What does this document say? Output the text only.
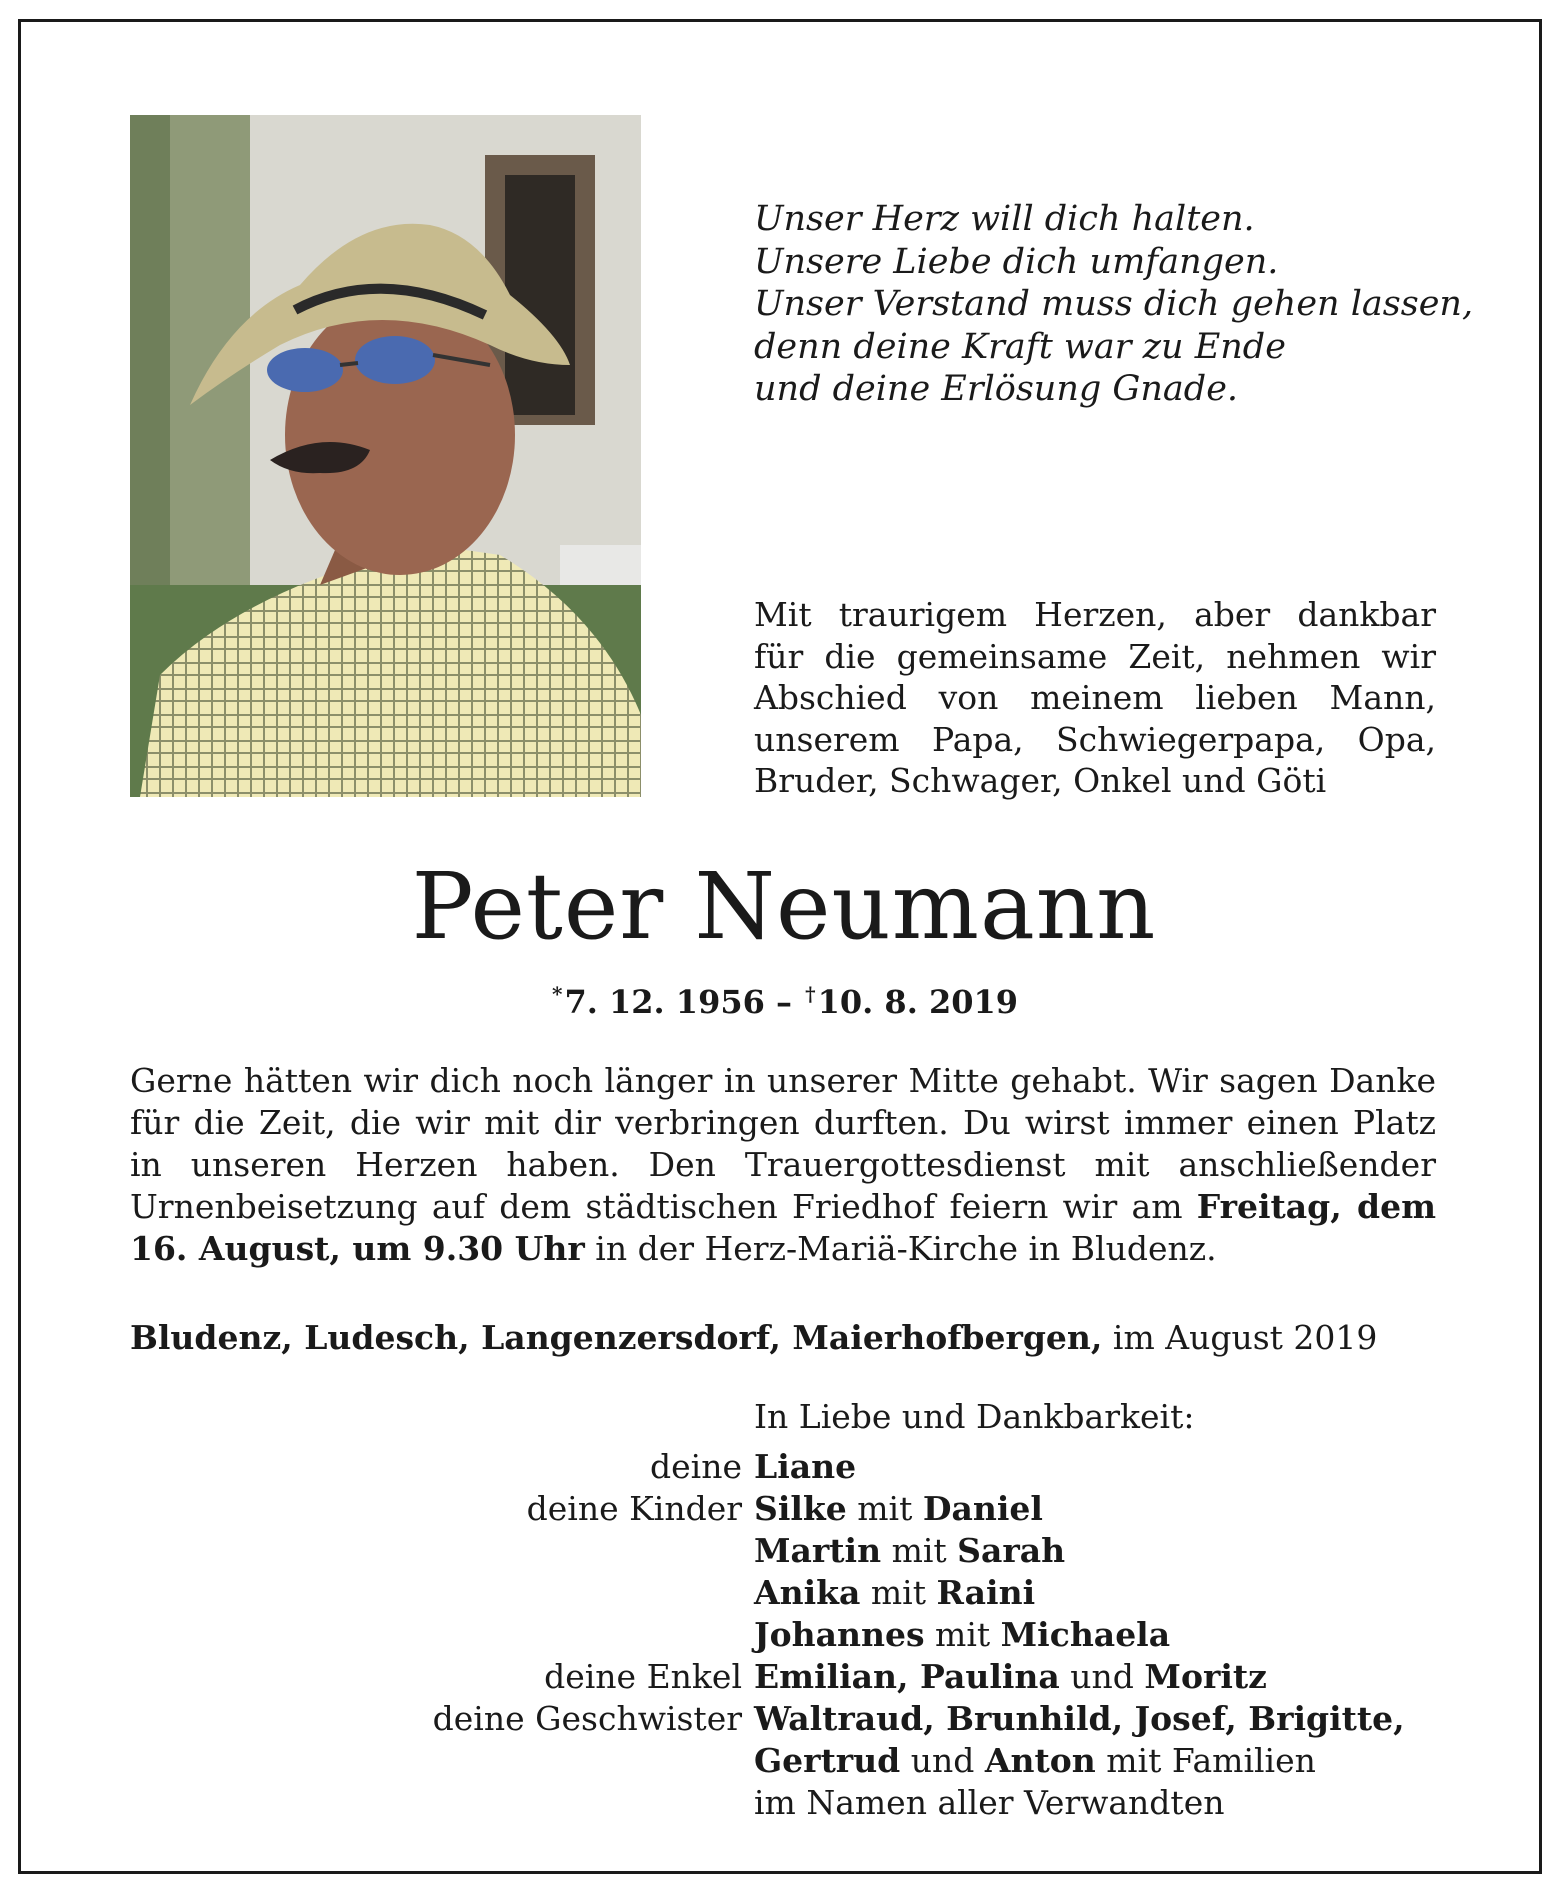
Unser Herz will dich halten.
Unsere Liebe dich umfangen.
Unser Verstand muss dich gehen lassen,
denn deine Kraft war zu Ende
und deine Erlösung Gnade.
Mit traurigem Herzen, aber dankbar
für die gemeinsame Zeit, nehmen wir
Abschied von meinem lieben Mann,
unserem Papa, Schwiegerpapa, Opa,
Bruder, Schwager, Onkel und Göti
Peter Neumann
*7. 12. 1956 – †10. 8. 2019
Gerne hätten wir dich noch länger in unserer Mitte gehabt. Wir sagen Danke
für die Zeit, die wir mit dir verbringen durften. Du wirst immer einen Platz
in unseren Herzen haben. Den Trauergottesdienst mit anschließender
Urnenbeisetzung auf dem städtischen Friedhof feiern wir am Freitag, dem
16. August, um 9.30 Uhr in der Herz-Mariä-Kirche in Bludenz.
Bludenz, Ludesch, Langenzersdorf, Maierhofbergen, im August 2019
In Liebe und Dankbarkeit:
deine
deine Kinder
deine Enkel
deine Geschwister
Liane
Silke mit Daniel
Martin mit Sarah
Anika mit Raini
Johannes mit Michaela
Emilian, Paulina und Moritz
Waltraud, Brunhild, Josef, Brigitte,
Gertrud und Anton mit Familien
im Namen aller Verwandten
